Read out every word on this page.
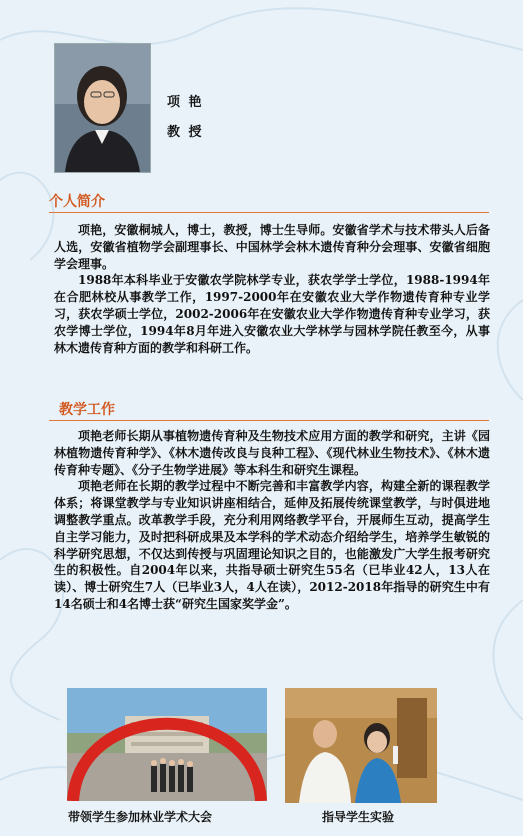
项 艳
教 授
个人简介

项艳，安徽桐城人，博士，教授，博士生导师。安徽省学术与技术带头人后备人选，安徽省植物学会副理事长、中国林学会林木遗传育种分会理事、安徽省细胞学会理事。

1988年本科毕业于安徽农学院林学专业，获农学学士学位，1988-1994年在合肥林校从事教学工作，1997-2000年在安徽农业大学作物遗传育种专业学习，获农学硕士学位，2002-2006年在安徽农业大学作物遗传育种专业学习，获农学博士学位，1994年8月年进入安徽农业大学林学与园林学院任教至今，从事林木遗传育种方面的教学和科研工作。

教学工作

项艳老师长期从事植物遗传育种及生物技术应用方面的教学和研究，主讲《园林植物遗传育种学》、《林木遗传改良与良种工程》、《现代林业生物技术》、《林木遗传育种专题》、《分子生物学进展》等本科生和研究生课程。

项艳老师在长期的教学过程中不断完善和丰富教学内容，构建全新的课程教学体系；将课堂教学与专业知识讲座相结合，延伸及拓展传统课堂教学，与时俱进地调整教学重点。改革教学手段，充分利用网络教学平台，开展师生互动，提高学生自主学习能力，及时把科研成果及本学科的学术动态介绍给学生，培养学生敏锐的科学研究思想，不仅达到传授与巩固理论知识之目的，也能激发广大学生报考研究生的积极性。自2004年以来，共指导硕士研究生55名（已毕业42人，13人在读）、博士研究生7人（已毕业3人，4人在读），2012-2018年指导的研究生中有14名硕士和4名博士获“研究生国家奖学金”。

带领学生参加林业学术大会	指导学生实验
